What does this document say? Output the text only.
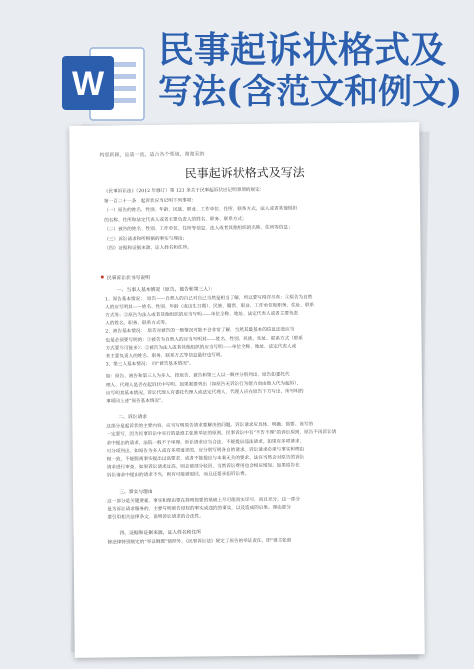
W
民事起诉状格式及
写法(含范文和例文)
构思新颖，品质一流，适合各个领域，谢谢采纳
民事起诉状格式及写法
《民事诉讼法》（2012 年修订）第 121 条关于民事起诉状应记明事项的规定：
第一百二十一条　起诉状应当记明下列事项：
（一）原告的姓名、性别、年龄、民族、职业、工作单位、住所、联系方式，法人或者其他组织
的名称、住所和法定代表人或者主要负责人的姓名、职务、联系方式；
（二）被告的姓名、性别、工作单位、住所等信息，法人或者其他组织的名称、住所等信息；
（三）诉讼请求和所根据的事实与理由；
（四）证据和证据来源，证人姓名和住所。
民事诉讼状书写说明
一、当事人基本情况（原告、被告和第三人）：
1、原告基本情况：　原告——自然人的自己对自己当然是相当了解，所以要写得详尽些：①原告为自然
人的应写明其——姓名、性别、年龄（或出生日期）、民族、籍贯、职业、工作单位和职务、住址、联系
方式等；②原告为法人或者其他组织的应当写明——单位全称、地址、法定代表人或者主要负责
人的姓名、职务、联系方式等。
2、被告基本情况：　原告对被告的一般情况可能不会非常了解，当然其最基本的信息还是应当
也是必须要写明的：①被告为自然人的应当写明其——姓名、性别、民族、住址、联系方式（联系
方式要尽可能多）；②被告为法人或者其他组织的应当写明——单位全称、地址、法定代表人或
者主要负责人的姓名、职务、联系方式等信息最好也写明。
3、第三人基本情况：　同“被告基本情况”。
如：原告、被告和第三人为多人，按原告、被告和第三人以一顺序分别列出，原告如委托代
理人、代理人是否在起诉状中写明。如果需要列出（如原告无诉讼行为能力而由他人代为起诉），
应写明其基本情况。诉讼代理人有委托代理人或法定代理人，代理人应在原告下方写出，所写明的
事项同上述“原告基本情况”。
二、诉讼请求
这部分是起诉状的主要内容，应当写明原告请求要解决的问题。诉讼请求应具体、明确、简要。该写的
一定要写，因为民事诉讼中实行的是谁主张谁举证的原则。民事诉讼中有“不告不理”的诉讼原则，原告不再诉讼请
求中提出的请求，法院一般不予审理。诉讼请求应当合法，不能提出违法请求。如果有多项请求，
可分项列出。如原告为多人或有多项请求的，应分别写明各自的请求。诉讼请求必须与事实和理由
相一致，不能脱离事实提出过高要求，或者不能提出与本案无关的要求。法官当然会对原告的诉讼
请求进行审查，如果诉讼请求过高，则会被部分驳回，当然诉讼费用也会相应增加。如果原告在
诉讼请求中提出的请求不当，则有可能被驳回，而且还要承担诉讼费。
三、事实与理由
这一部分是关键要素。事实和理由要在简明扼要的基础上尽可能真实详尽，而且充分。这一部分
是为诉讼请求服务的，主要写明被告侵权的事实或违约的事实，以及造成的后果。理由部分
要引用相关法律条文，说明诉讼请求的合法性。
四、证据和证据来源，证人姓名和住所
除法律特别规定的“举证倒置”情形外，《民事诉讼法》规定了原告的举证责任。即“谁主张谁
